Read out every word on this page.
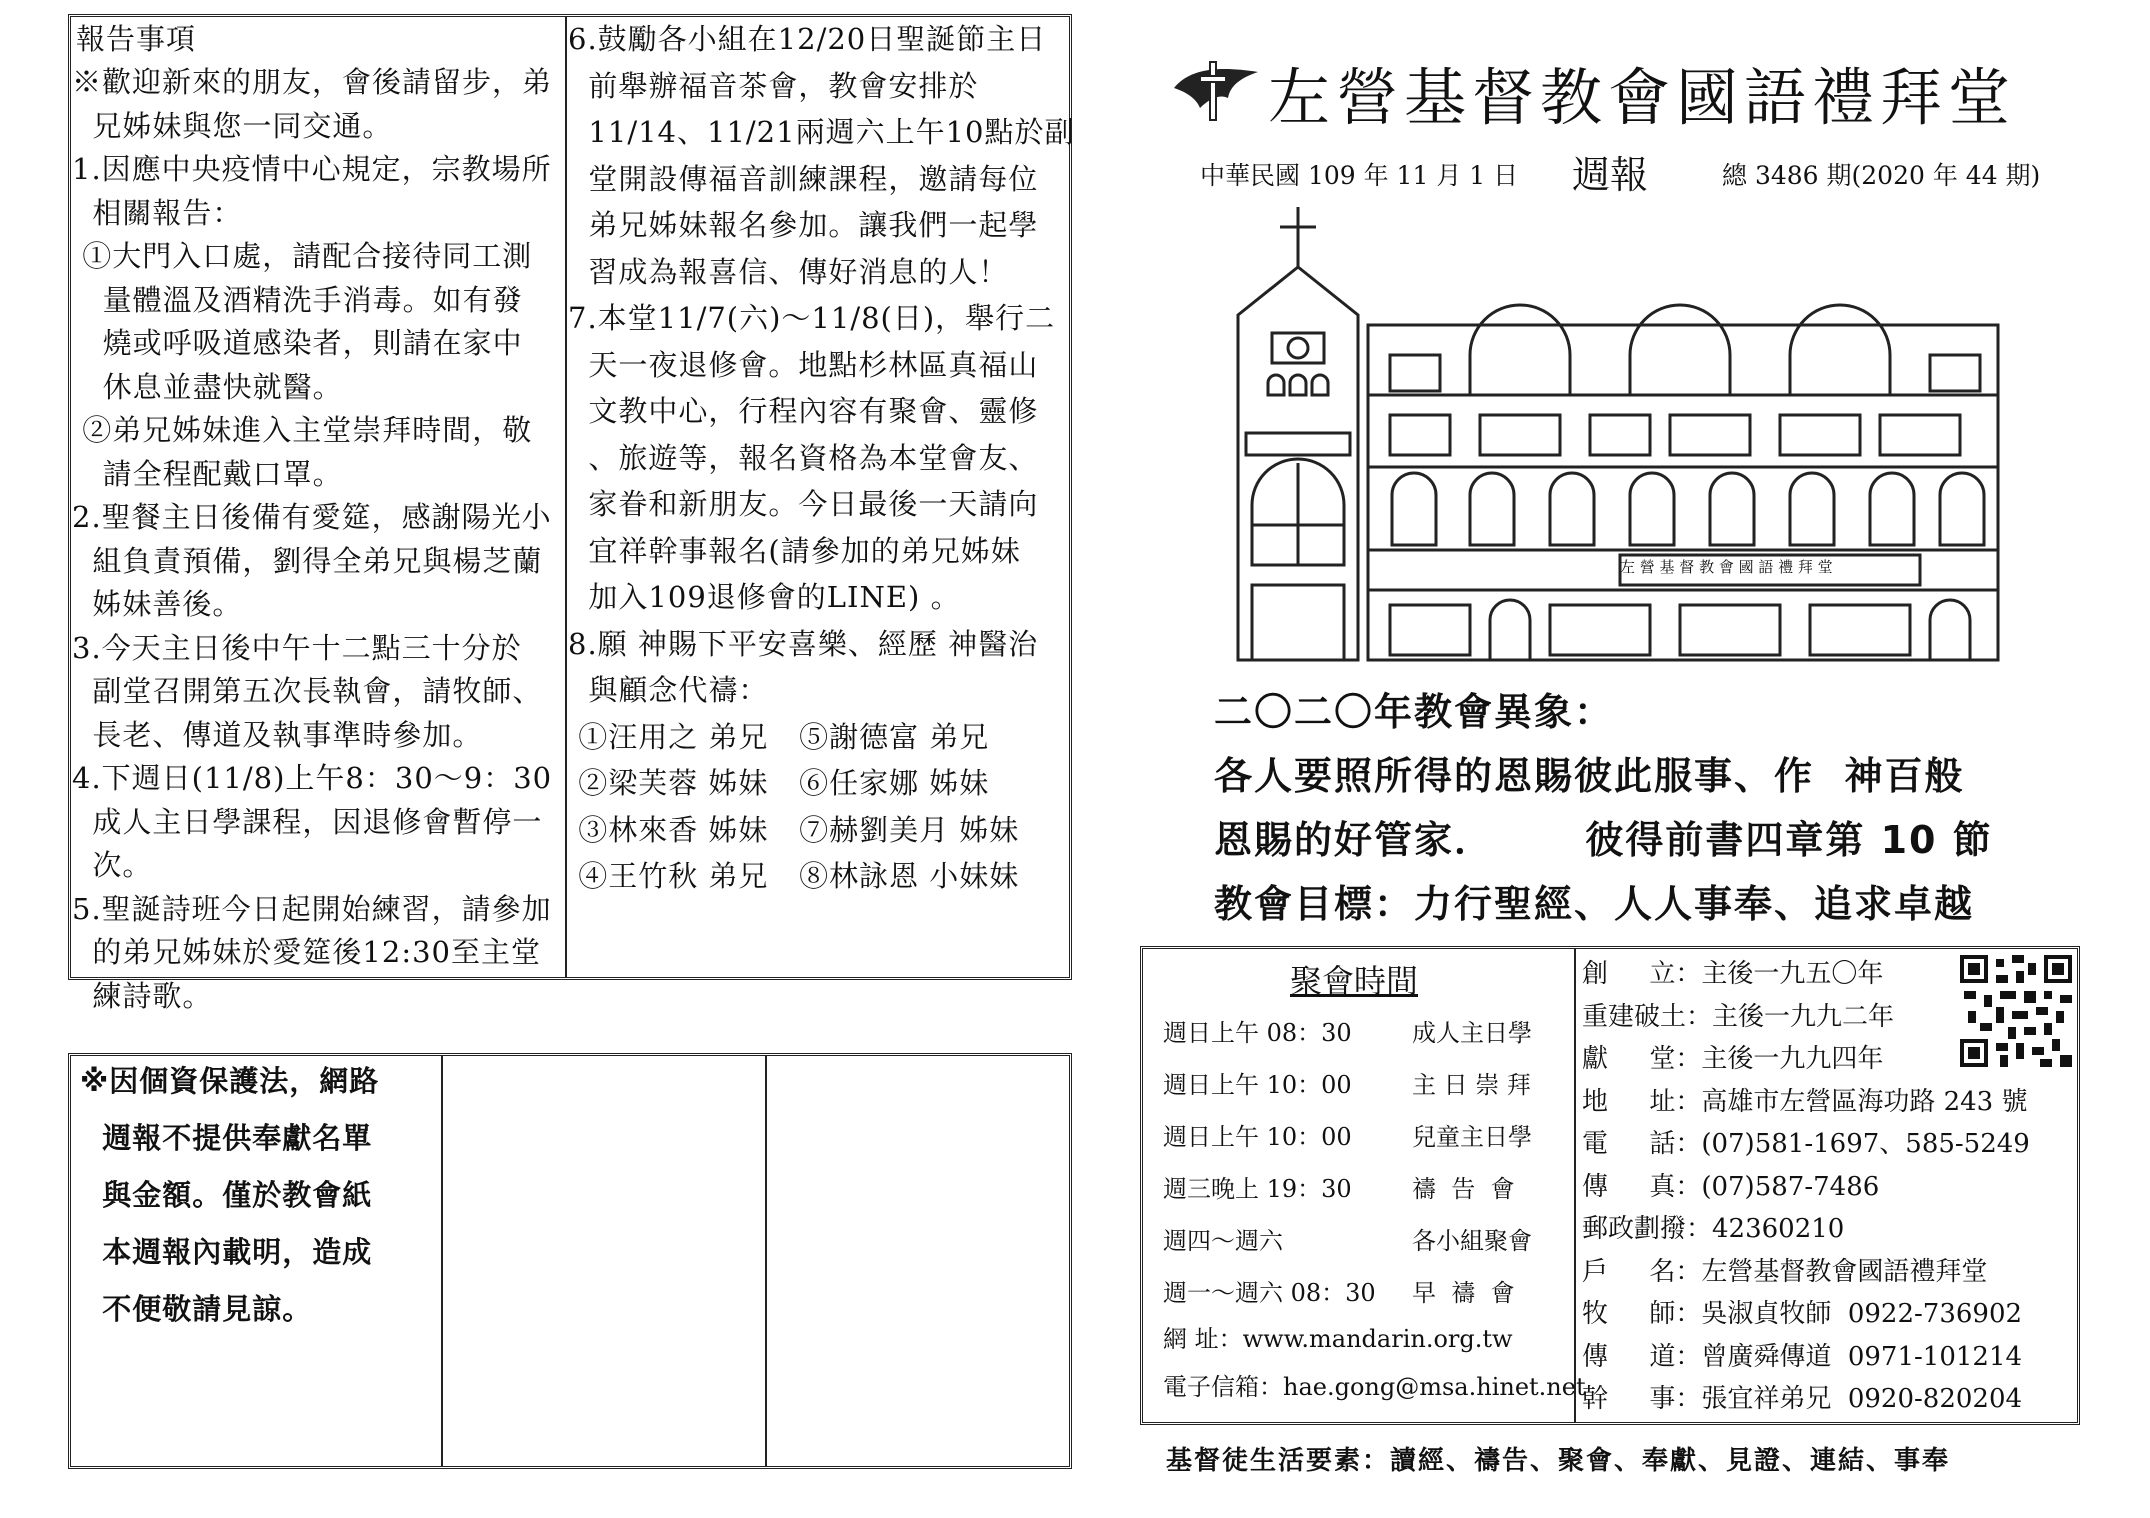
報告事項
※歡迎新來的朋友，會後請留步，弟
兄姊妹與您一同交通。
1.因應中央疫情中心規定，宗教場所
相關報告：
①大門入口處，請配合接待同工測
量體溫及酒精洗手消毒。如有發
燒或呼吸道感染者，則請在家中
休息並盡快就醫。
②弟兄姊妹進入主堂崇拜時間，敬
請全程配戴口罩。
2.聖餐主日後備有愛筵，感謝陽光小
組負責預備，劉得全弟兄與楊芝蘭
姊妹善後。
3.今天主日後中午十二點三十分於
副堂召開第五次長執會，請牧師、
長老、傳道及執事準時參加。
4.下週日(11/8)上午8：30～9：30
成人主日學課程，因退修會暫停一
次。
5.聖誕詩班今日起開始練習，請參加
的弟兄姊妹於愛筵後12:30至主堂
練詩歌。
6.鼓勵各小組在12/20日聖誕節主日
前舉辦福音茶會，教會安排於
11/14、11/21兩週六上午10點於副
堂開設傳福音訓練課程，邀請每位
弟兄姊妹報名參加。讓我們一起學
習成為報喜信、傳好消息的人！
7.本堂11/7(六)～11/8(日)，舉行二
天一夜退修會。地點杉林區真福山
文教中心，行程內容有聚會、靈修
、旅遊等，報名資格為本堂會友、
家眷和新朋友。今日最後一天請向
宜祥幹事報名(請參加的弟兄姊妹
加入109退修會的LINE) 。
8.願 神賜下平安喜樂、經歷 神醫治
與顧念代禱：
①汪用之 弟兄   ⑤謝德富 弟兄
②梁芙蓉 姊妹   ⑥任家娜 姊妹
③林來香 姊妹   ⑦赫劉美月 姊妹
④王竹秋 弟兄   ⑧林詠恩 小妹妹
※因個資保護法，網路
週報不提供奉獻名單
與金額。僅於教會紙
本週報內載明，造成
不便敬請見諒。
左營基督教會國語禮拜堂
中華民國 109 年 11 月 1 日 週報	總 3486 期(2020 年 44 期)
左 營 基 督 教 會 國 語 禮 拜 堂
二〇二〇年教會異象：
各人要照所得的恩賜彼此服事、作  神百般
恩賜的好管家．      彼得前書四章第 10 節
教會目標：力行聖經、人人事奉、追求卓越
聚會時間
週日上午 08：30	成人主日學
週日上午 10：00	主 日 崇 拜
週日上午 10：00	兒童主日學
週三晚上 19：30	禱  告  會
週四～週六	各小組聚會
週一～週六 08：30 早  禱  會
網 址：www.mandarin.org.tw
電子信箱：hae.gong@msa.hinet.net
創     立：主後一九五〇年
重建破土：主後一九九二年
獻     堂：主後一九九四年
地     址：高雄市左營區海功路 243 號
電     話：(07)581-1697、585-5249
傳     真：(07)587-7486
郵政劃撥：42360210
戶     名：左營基督教會國語禮拜堂
牧     師：吳淑貞牧師  0922-736902
傳     道：曾廣舜傳道  0971-101214
幹     事：張宜祥弟兄  0920-820204
基督徒生活要素：讀經、禱告、聚會、奉獻、見證、連結、事奉
